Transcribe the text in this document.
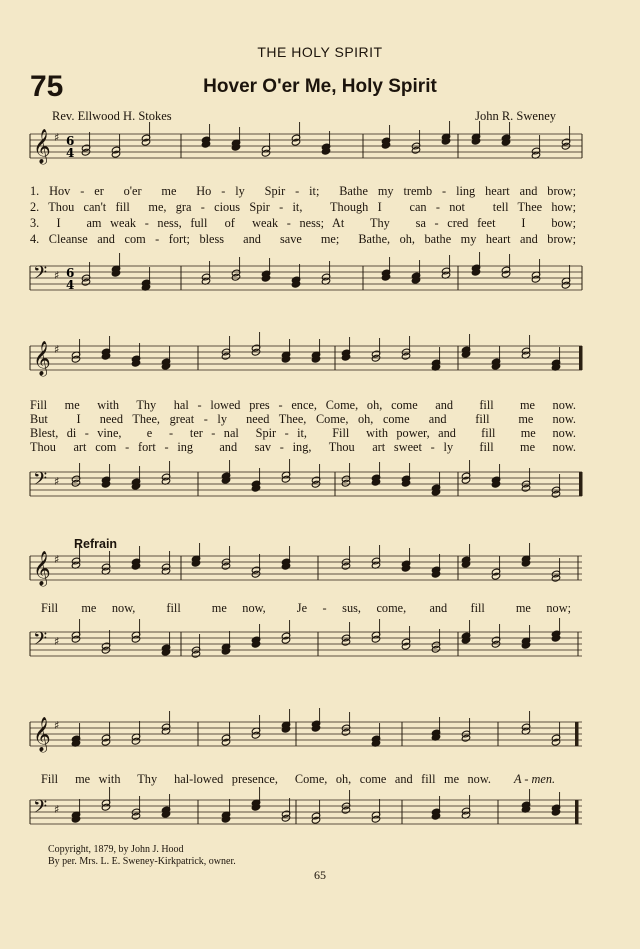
THE HOLY SPIRIT
75	Hover O'er Me, Holy Spirit
Rev. Ellwood H. Stokes	John R. Sweney
𝄞 ♯ 6
4
1. Hov - er  o'er  me  Ho - ly  Spir - it;  Bathe my tremb - ling heart and brow;
2. Thou can't fill  me, gra - cious Spir - it,   Though I   can - not   tell Thee how;
3.  I   am weak - ness, full  of  weak - ness; At   Thy   sa - cred feet   I   bow;
4. Cleanse and com - fort; bless  and  save  me;  Bathe, oh, bathe my heart and brow;
𝄢 ♯ 6
4
𝄞 ♯
Fill  me  with  Thy  hal - lowed pres - ence, Come, oh, come  and   fill   me  now.
But   I  need Thee, great - ly  need Thee, Come, oh, come  and   fill   me  now.
Blest, di - vine,   e  -  ter - nal  Spir - it,   Fill  with power, and   fill   me  now.
Thou  art com - fort - ing   and  sav - ing,  Thou  art sweet - ly   fill   me  now.
𝄢 ♯
Refrain
𝄞 ♯
Fill   me  now,    fill    me  now,    Je  -  sus,  come,   and   fill    me  now;
𝄢 ♯
𝄞 ♯
Fill  me with  Thy  hal-lowed presence,  Come, oh, come and fill me now. A - men.
𝄢 ♯
Copyright, 1879, by John J. Hood
By per. Mrs. L. E. Sweney-Kirkpatrick, owner.
65
